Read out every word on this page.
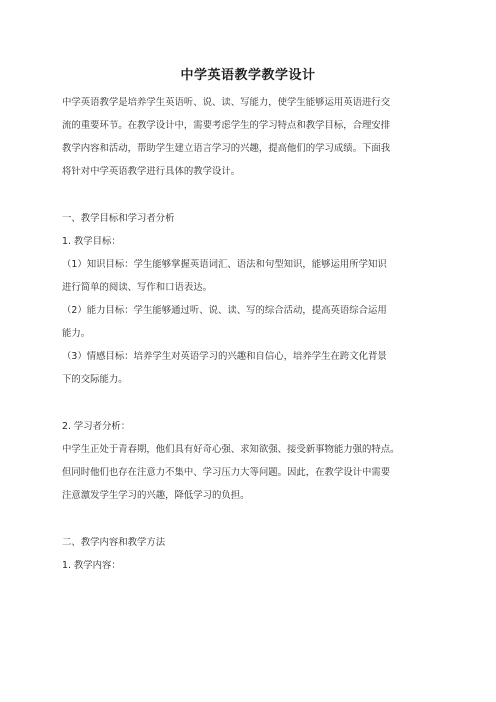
中学英语教学教学设计
中学英语教学是培养学生英语听、说、读、写能力，使学生能够运用英语进行交
流的重要环节。在教学设计中，需要考虑学生的学习特点和教学目标，合理安排
教学内容和活动，帮助学生建立语言学习的兴趣，提高他们的学习成绩。下面我
将针对中学英语教学进行具体的教学设计。
一、教学目标和学习者分析
1. 教学目标：
（1）知识目标：学生能够掌握英语词汇、语法和句型知识，能够运用所学知识
进行简单的阅读、写作和口语表达。
（2）能力目标：学生能够通过听、说、读、写的综合活动，提高英语综合运用
能力。
（3）情感目标：培养学生对英语学习的兴趣和自信心，培养学生在跨文化背景
下的交际能力。
2. 学习者分析：
中学生正处于青春期，他们具有好奇心强、求知欲强、接受新事物能力强的特点。
但同时他们也存在注意力不集中、学习压力大等问题。因此，在教学设计中需要
注意激发学生学习的兴趣，降低学习的负担。
二、教学内容和教学方法
1. 教学内容：
